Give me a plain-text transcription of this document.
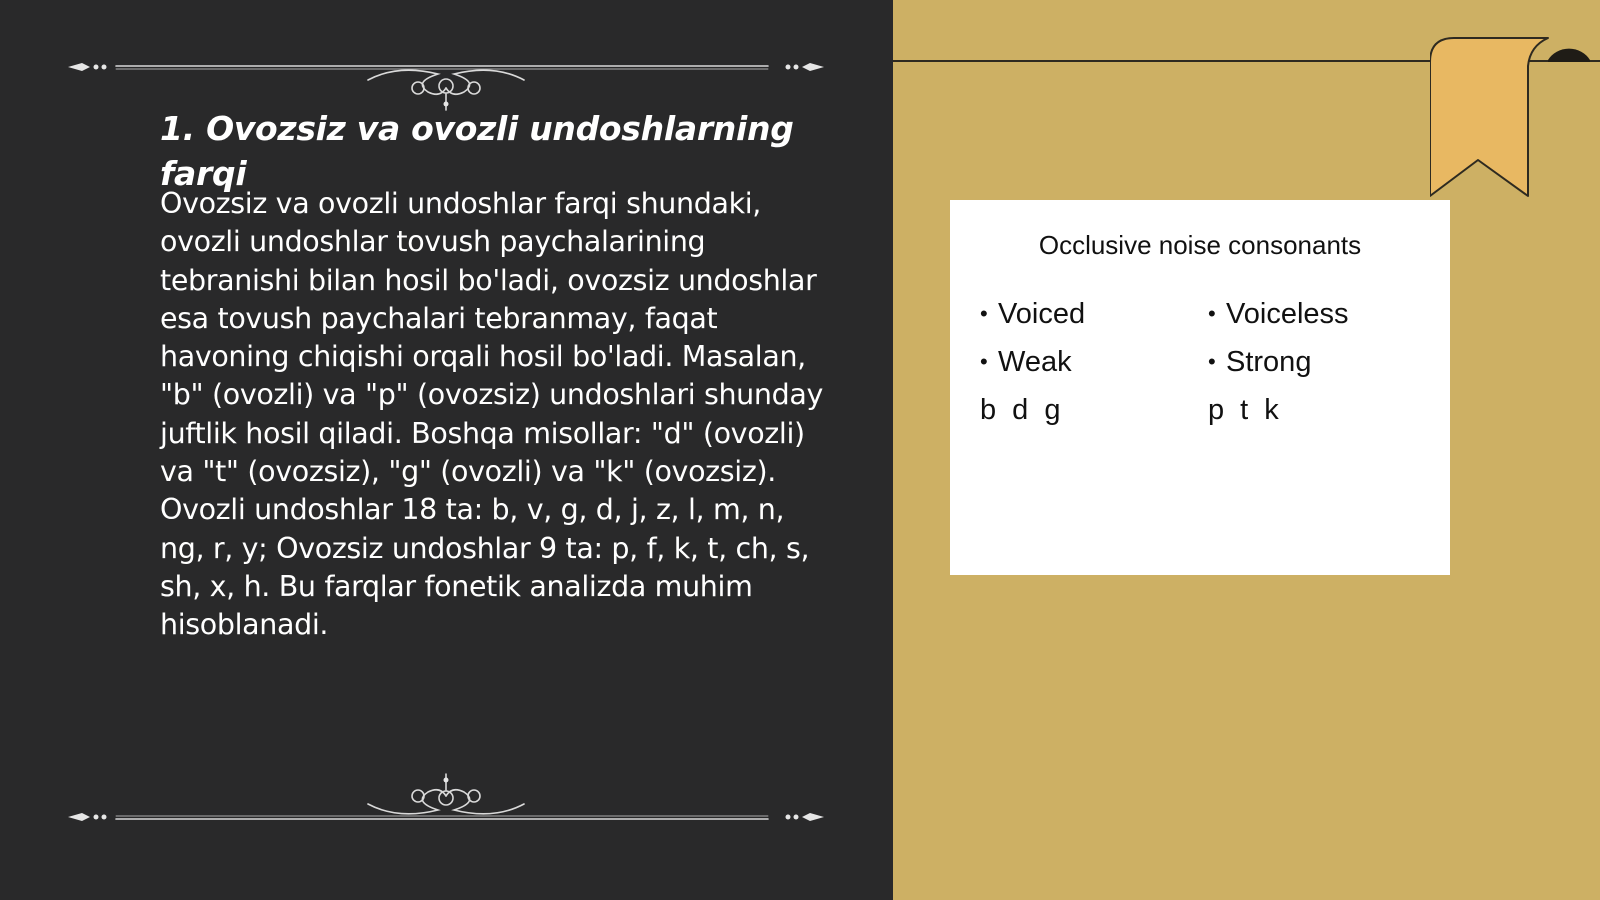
1. Ovozsiz va ovozli undoshlarning farqi

Ovozsiz va ovozli undoshlar farqi shundaki, ovozli undoshlar tovush paychalarining tebranishi bilan hosil bo'ladi, ovozsiz undoshlar esa tovush paychalari tebranmay, faqat havoning chiqishi orqali hosil bo'ladi. Masalan, "b" (ovozli) va "p" (ovozsiz) undoshlari shunday juftlik hosil qiladi. Boshqa misollar: "d" (ovozli) va "t" (ovozsiz), "g" (ovozli) va "k" (ovozsiz). Ovozli undoshlar 18 ta: b, v, g, d, j, z, l, m, n, ng, r, y; Ovozsiz undoshlar 9 ta: p, f, k, t, ch, s, sh, x, h. Bu farqlar fonetik analizda muhim hisoblanadi.

Occlusive noise consonants
• Voiced
• Weak
b d g
• Voiceless
• Strong
p t k
